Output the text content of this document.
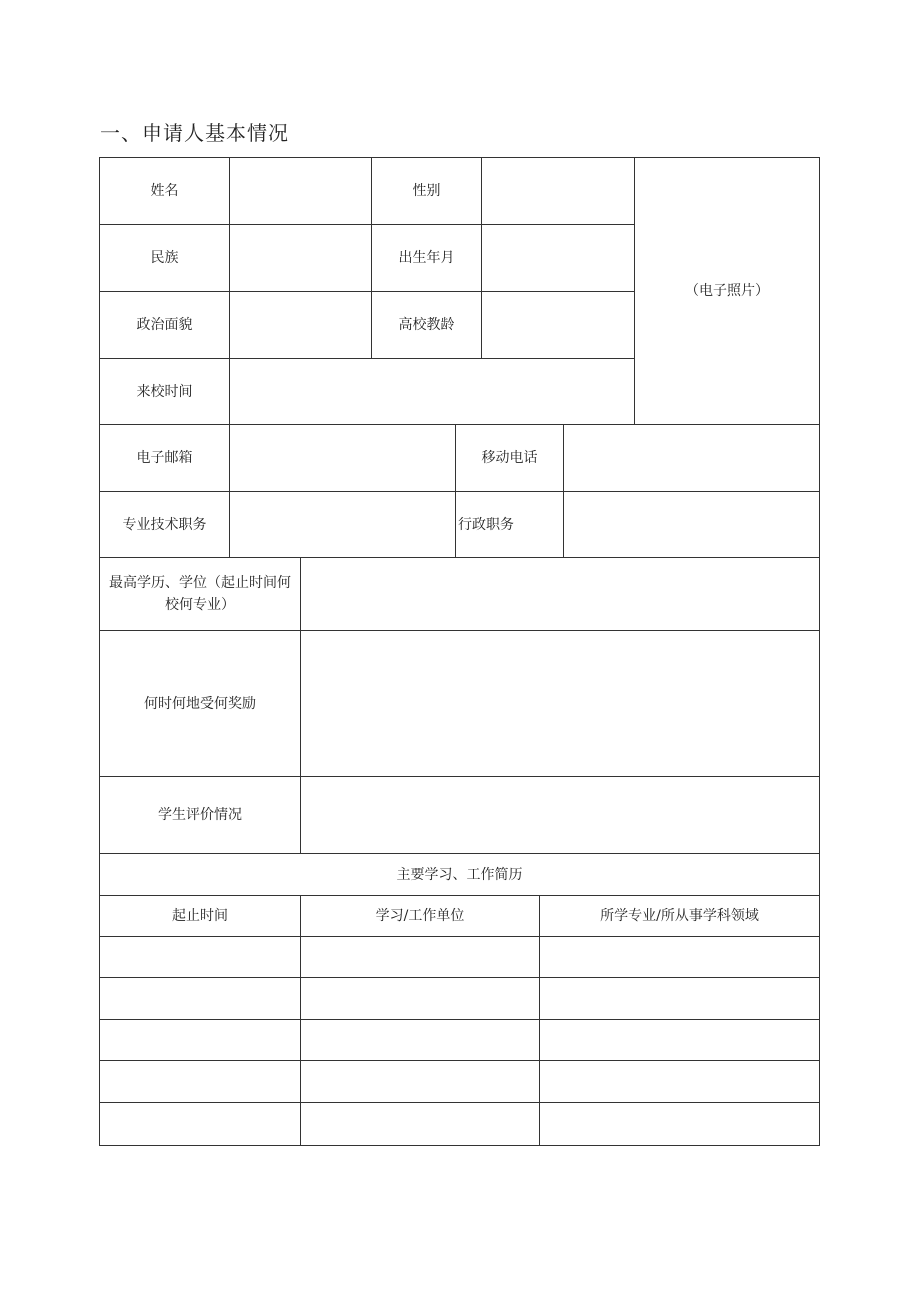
一、申请人基本情况
姓名	性别
（电子照片）
民族	出生年月
政治面貌	高校教龄
来校时间
电子邮箱	移动电话
专业技术职务	行政职务
最高学历、学位（起止时间何校何专业）
何时何地受何奖励
学生评价情况
主要学习、工作简历
起止时间	学习/工作单位	所学专业/所从事学科领域
